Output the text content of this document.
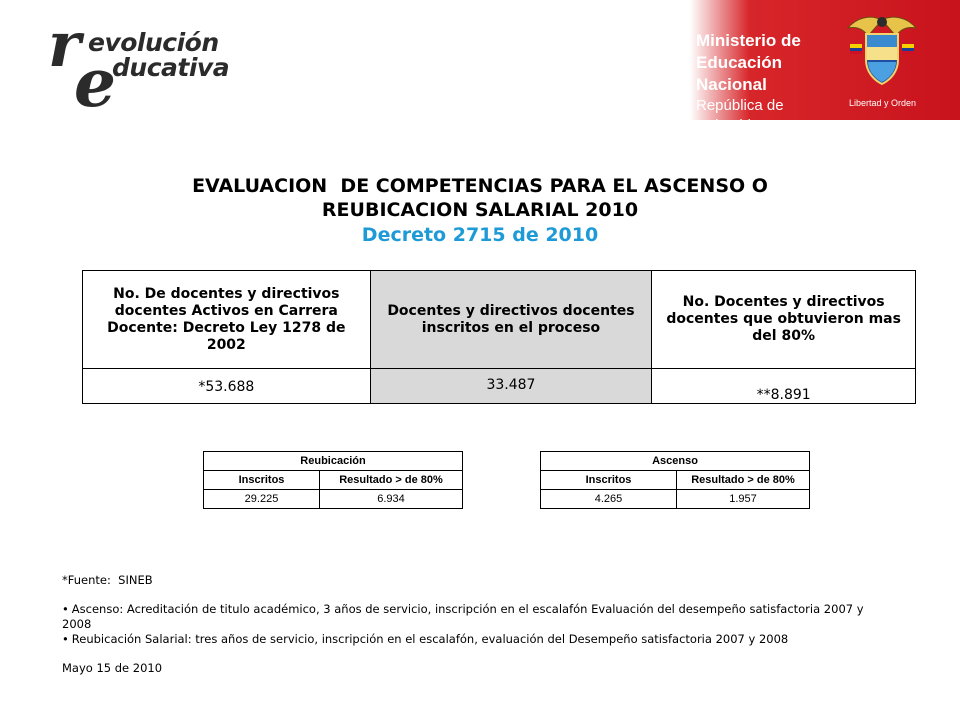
r
e
evolución
ducativa
Ministerio de
Educación Nacional
República de Colombia
Libertad y Orden
EVALUACION  DE COMPETENCIAS PARA EL ASCENSO O
REUBICACION SALARIAL 2010
Decreto 2715 de 2010
No. De docentes y directivos docentes Activos en Carrera Docente: Decreto Ley 1278 de 2002	Docentes y directivos docentes inscritos en el proceso	No. Docentes y directivos docentes que obtuvieron mas del 80%
*53.688	33.487	**8.891
Reubicación	
Inscritos	Resultado > de 80%
29.225	6.934
Ascenso	
Inscritos	Resultado > de 80%
4.265	1.957
*Fuente:  SINEB
• Ascenso: Acreditación de titulo académico, 3 años de servicio, inscripción en el escalafón Evaluación del desempeño satisfactoria 2007 y 2008
• Reubicación Salarial: tres años de servicio, inscripción en el escalafón, evaluación del Desempeño satisfactoria 2007 y 2008
Mayo 15 de 2010
